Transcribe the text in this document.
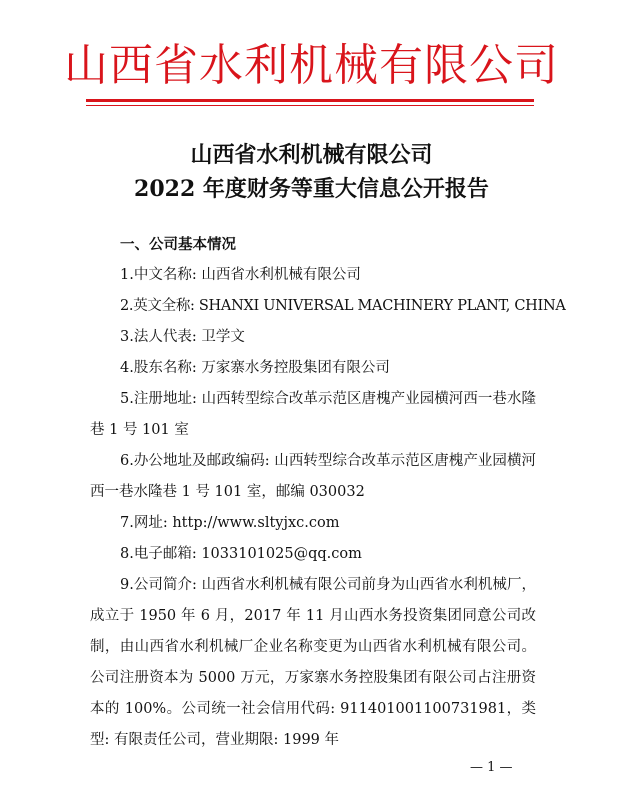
山西省水利机械有限公司
山西省水利机械有限公司
2022 年度财务等重大信息公开报告

一、公司基本情况

1.中文名称: 山西省水利机械有限公司

2.英文全称: SHANXI UNIVERSAL MACHINERY PLANT, CHINA

3.法人代表: 卫学文

4.股东名称: 万家寨水务控股集团有限公司

5.注册地址: 山西转型综合改革示范区唐槐产业园横河西一巷水隆巷 1 号 101 室

6.办公地址及邮政编码: 山西转型综合改革示范区唐槐产业园横河西一巷水隆巷 1 号 101 室，邮编 030032

7.网址: http://www.sltyjxc.com

8.电子邮箱: 1033101025@qq.com

9.公司简介: 山西省水利机械有限公司前身为山西省水利机械厂，成立于 1950 年 6 月，2017 年 11 月山西水务投资集团同意公司改制，由山西省水利机械厂企业名称变更为山西省水利机械有限公司。公司注册资本为 5000 万元，万家寨水务控股集团有限公司占注册资本的 100%。公司统一社会信用代码: 911401001100731981，类型: 有限责任公司，营业期限: 1999 年

— 1 —
